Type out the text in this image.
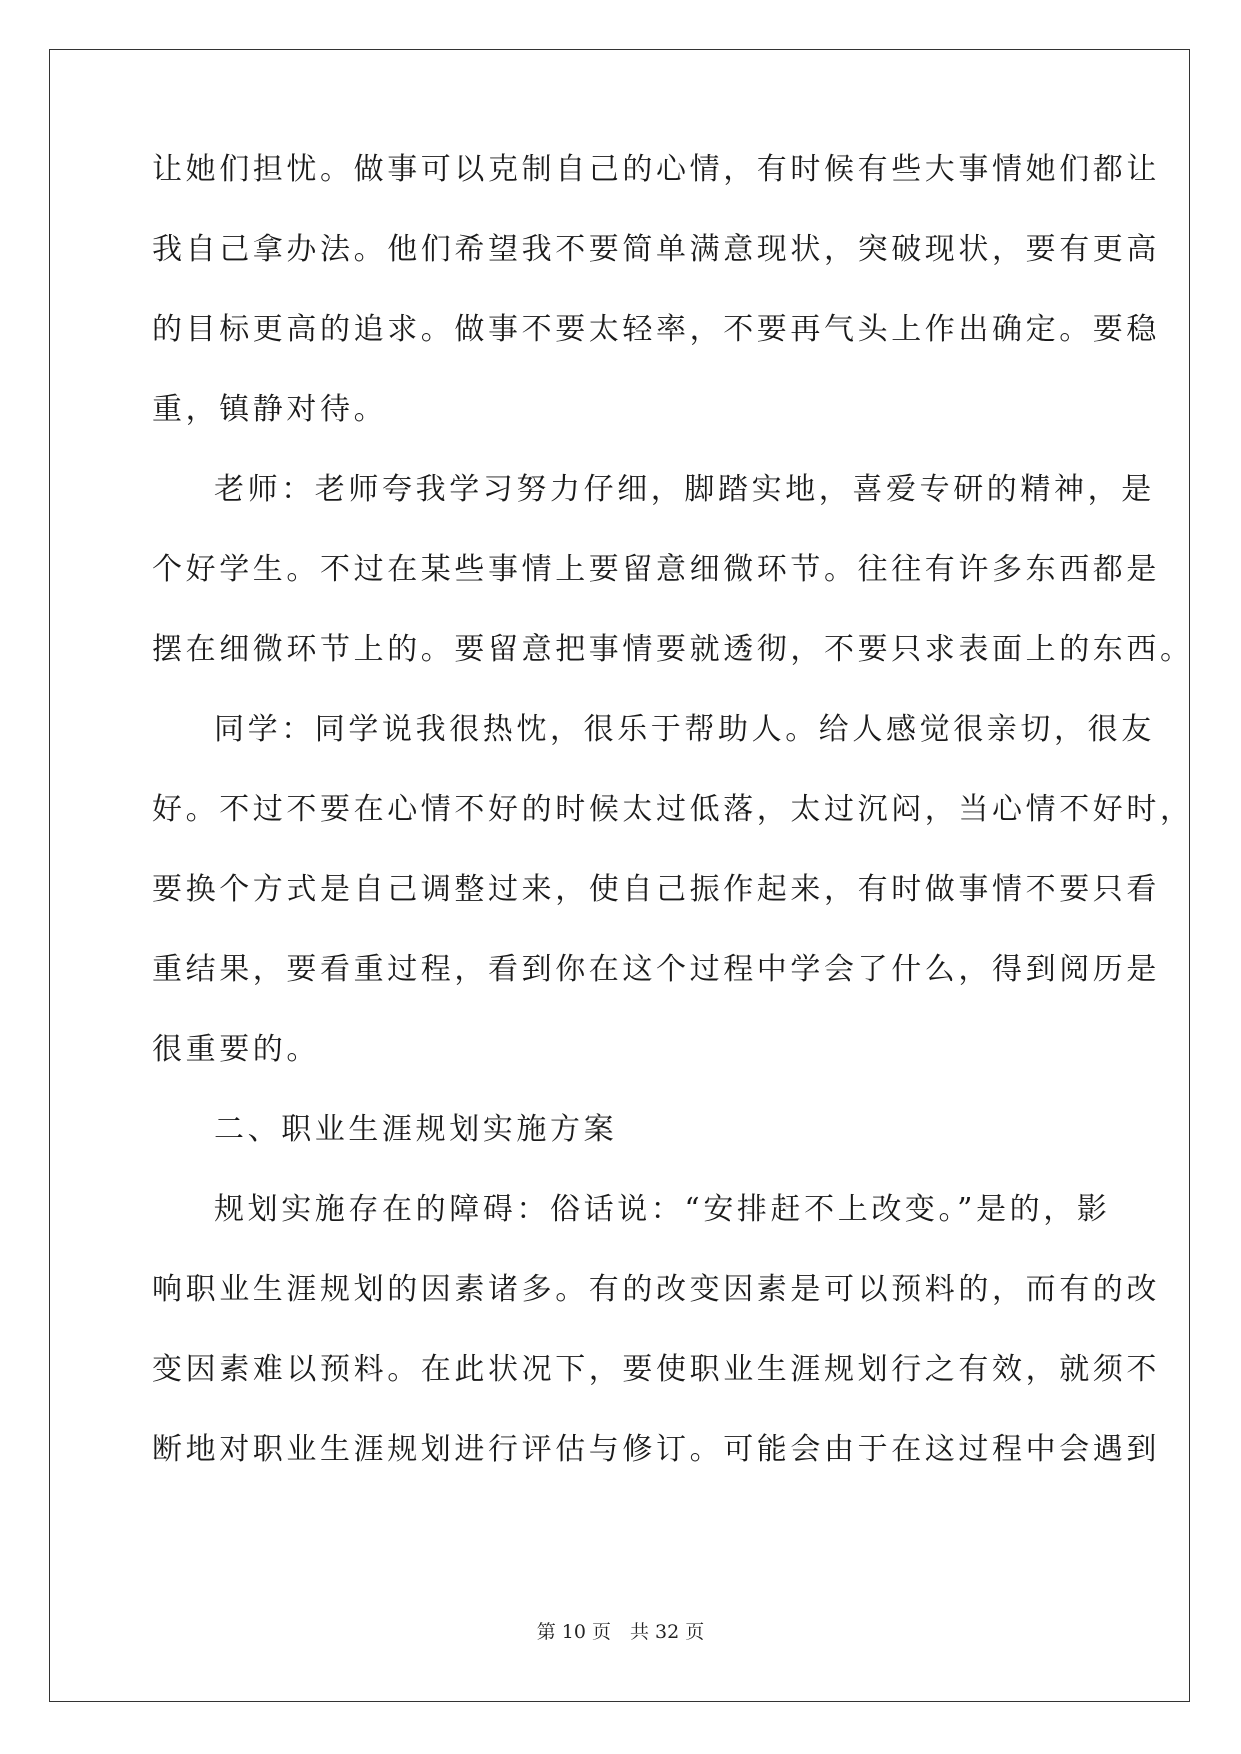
让她们担忧。做事可以克制自己的心情，有时候有些大事情她们都让
我自己拿办法。他们希望我不要简单满意现状，突破现状，要有更高
的目标更高的追求。做事不要太轻率，不要再气头上作出确定。要稳
重，镇静对待。
老师：老师夸我学习努力仔细，脚踏实地，喜爱专研的精神，是
个好学生。不过在某些事情上要留意细微环节。往往有许多东西都是
摆在细微环节上的。要留意把事情要就透彻，不要只求表面上的东西。
同学：同学说我很热忱，很乐于帮助人。给人感觉很亲切，很友
好。不过不要在心情不好的时候太过低落，太过沉闷，当心情不好时，
要换个方式是自己调整过来，使自己振作起来，有时做事情不要只看
重结果，要看重过程，看到你在这个过程中学会了什么，得到阅历是
很重要的。
二、职业生涯规划实施方案
规划实施存在的障碍：俗话说：“安排赶不上改变。”是的，影
响职业生涯规划的因素诸多。有的改变因素是可以预料的，而有的改
变因素难以预料。在此状况下，要使职业生涯规划行之有效，就须不
断地对职业生涯规划进行评估与修订。可能会由于在这过程中会遇到
第 10 页　共 32 页
